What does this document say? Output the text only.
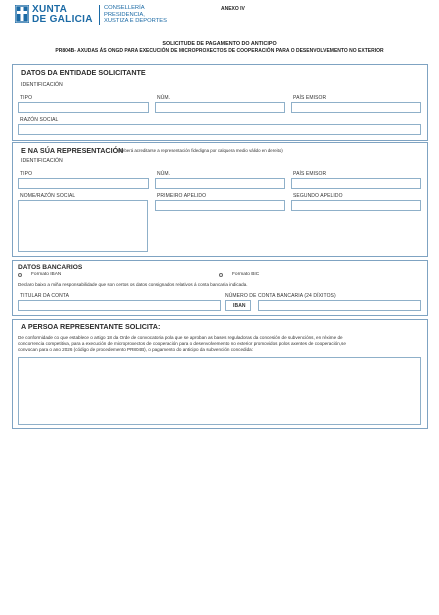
XUNTA
DE GALICIA
CONSELLERÍA
PRESIDENCIA,
XUSTIZA E DEPORTES
ANEXO IV
SOLICITUDE DE PAGAMENTO DO ANTICIPO
PR804B- AXUDAS ÁS ONGD PARA EXECUCIÓN DE MICROPROXECTOS DE COOPERACIÓN PARA O DESENVOLVEMENTO NO EXTERIOR
DATOS DA ENTIDADE SOLICITANTE
IDENTIFICACIÓN
TIPO	NÚM.	PAÍS EMISOR
RAZÓN SOCIAL
E NA SÚA REPRESENTACIÓN
(deberá acreditarse a representación fidedigna por calquera medio válido en dereito)
IDENTIFICACIÓN
TIPO	NÚM.	PAÍS EMISOR
NOME/RAZÓN SOCIAL	PRIMEIRO APELIDO	SEGUNDO APELIDO
DATOS BANCARIOS
Formato IBAN	Formato BIC
Declaro baixo a miña responsabilidade que son certos os datos consignados relativos á conta bancaria indicada.
TITULAR DA CONTA	NÚMERO DE CONTA BANCARIA (24 DÍXITOS)
IBAN
A PERSOA REPRESENTANTE SOLICITA:
De conformidade co que establece o artigo 18 da Orde de convocatoria pola que se aproban as bases reguladoras da concesión de subvencións, en réxime de
concorrencia competitiva, para a execución de microproxectos de cooperación para o desenvolvemento no exterior promovidos polos axentes de cooperación,se
convocan para o ano 2026 (código de procedemento PR804B), o pagamento do anticipo da subvención concedida:
